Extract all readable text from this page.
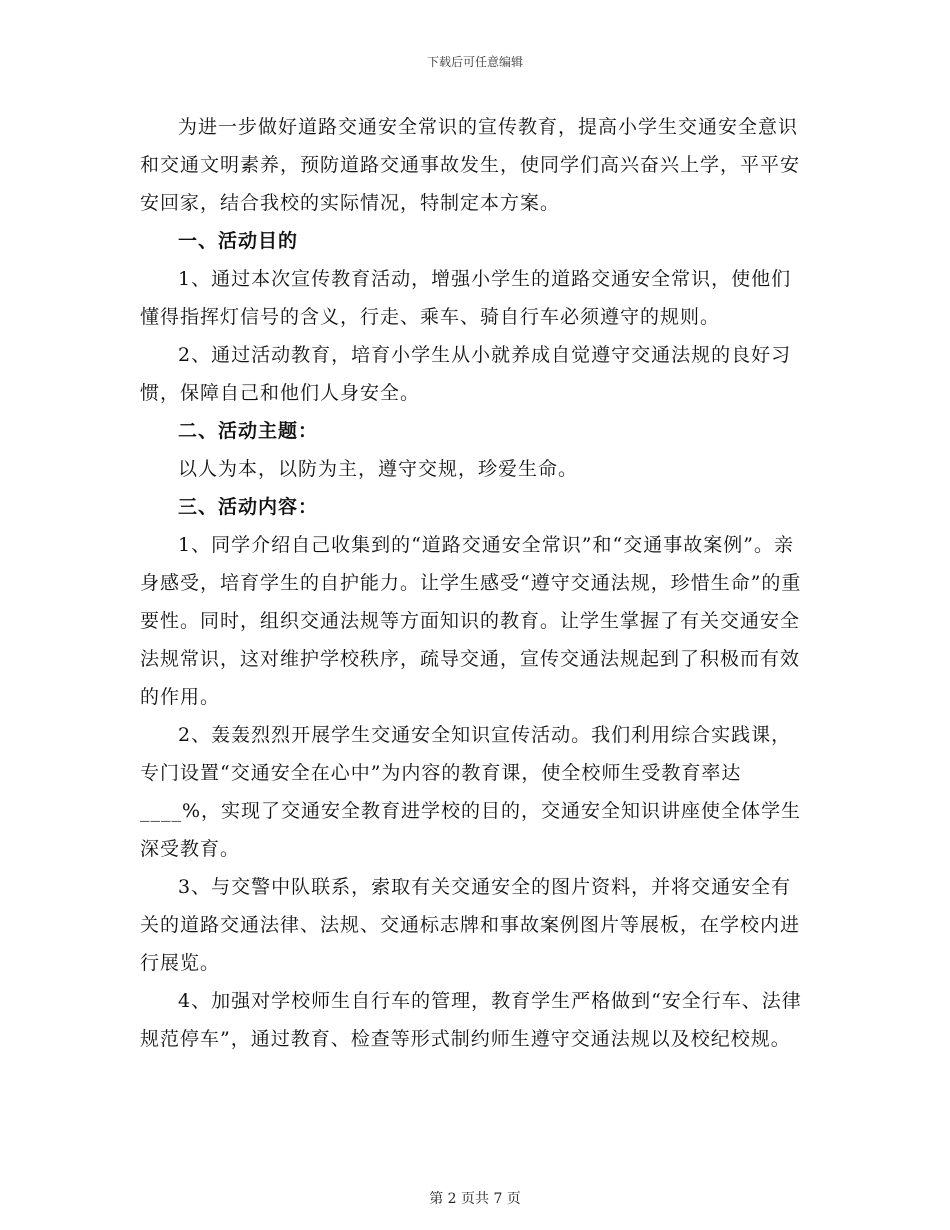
下载后可任意编辑

为进一步做好道路交通安全常识的宣传教育，提高小学生交通安全意识和交通文明素养，预防道路交通事故发生，使同学们高兴奋兴上学，平平安安回家，结合我校的实际情况，特制定本方案。

一、活动目的

1、通过本次宣传教育活动，增强小学生的道路交通安全常识，使他们懂得指挥灯信号的含义，行走、乘车、骑自行车必须遵守的规则。

2、通过活动教育，培育小学生从小就养成自觉遵守交通法规的良好习惯，保障自己和他们人身安全。

二、活动主题：

以人为本，以防为主，遵守交规，珍爱生命。

三、活动内容：

1、同学介绍自己收集到的“道路交通安全常识”和“交通事故案例”。亲身感受，培育学生的自护能力。让学生感受“遵守交通法规，珍惜生命”的重要性。同时，组织交通法规等方面知识的教育。让学生掌握了有关交通安全法规常识，这对维护学校秩序，疏导交通，宣传交通法规起到了积极而有效的作用。

2、轰轰烈烈开展学生交通安全知识宣传活动。我们利用综合实践课，专门设置“交通安全在心中”为内容的教育课，使全校师生受教育率达____%，实现了交通安全教育进学校的目的，交通安全知识讲座使全体学生深受教育。

3、与交警中队联系，索取有关交通安全的图片资料，并将交通安全有关的道路交通法律、法规、交通标志牌和事故案例图片等展板，在学校内进行展览。

4、加强对学校师生自行车的管理，教育学生严格做到“安全行车、法律规范停车”，通过教育、检查等形式制约师生遵守交通法规以及校纪校规。

第 2 页共 7 页
